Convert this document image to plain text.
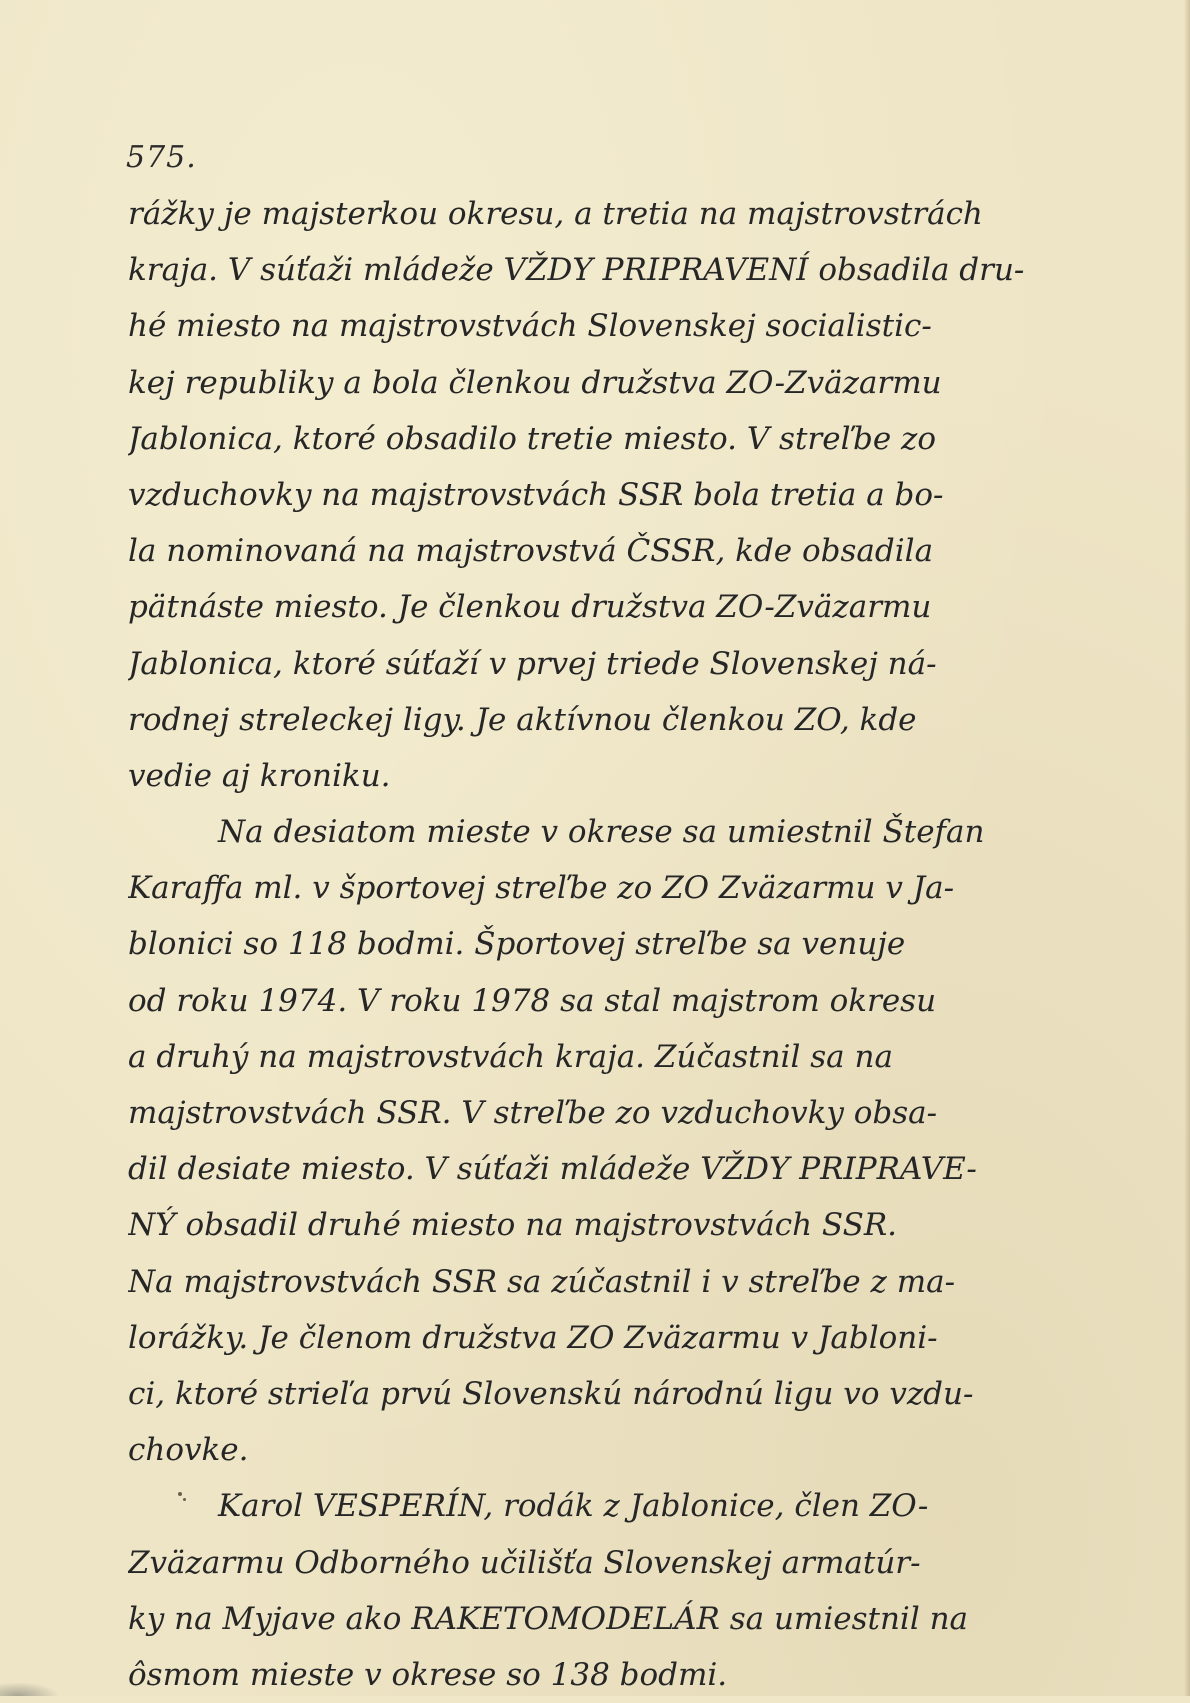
575.
rážky je majsterkou okresu, a tretia na majstrovstrách
kraja. V súťaži mládeže VŽDY PRIPRAVENÍ obsadila dru-
hé miesto na majstrovstvách Slovenskej socialistic-
kej republiky a bola členkou družstva ZO-Zväzarmu
Jablonica, ktoré obsadilo tretie miesto. V streľbe zo
vzduchovky na majstrovstvách SSR bola tretia a bo-
la nominovaná na majstrovstvá ČSSR, kde obsadila
pätnáste miesto. Je členkou družstva ZO-Zväzarmu
Jablonica, ktoré súťaží v prvej triede Slovenskej ná-
rodnej streleckej ligy. Je aktívnou členkou ZO, kde
vedie aj kroniku.
Na desiatom mieste v okrese sa umiestnil Štefan
Karaffa ml. v športovej streľbe zo ZO Zväzarmu v Ja-
blonici so 118 bodmi. Športovej streľbe sa venuje
od roku 1974. V roku 1978 sa stal majstrom okresu
a druhý na majstrovstvách kraja. Zúčastnil sa na
majstrovstvách SSR. V streľbe zo vzduchovky obsa-
dil desiate miesto. V súťaži mládeže VŽDY PRIPRAVE-
NÝ obsadil druhé miesto na majstrovstvách SSR.
Na majstrovstvách SSR sa zúčastnil i v streľbe z ma-
lorážky. Je členom družstva ZO Zväzarmu v Jabloni-
ci, ktoré strieľa prvú Slovenskú národnú ligu vo vzdu-
chovke.
Karol VESPERÍN, rodák z Jablonice, člen ZO-
Zväzarmu Odborného učilišťa Slovenskej armatúr-
ky na Myjave ako RAKETOMODELÁR sa umiestnil na
ôsmom mieste v okrese so 138 bodmi.
